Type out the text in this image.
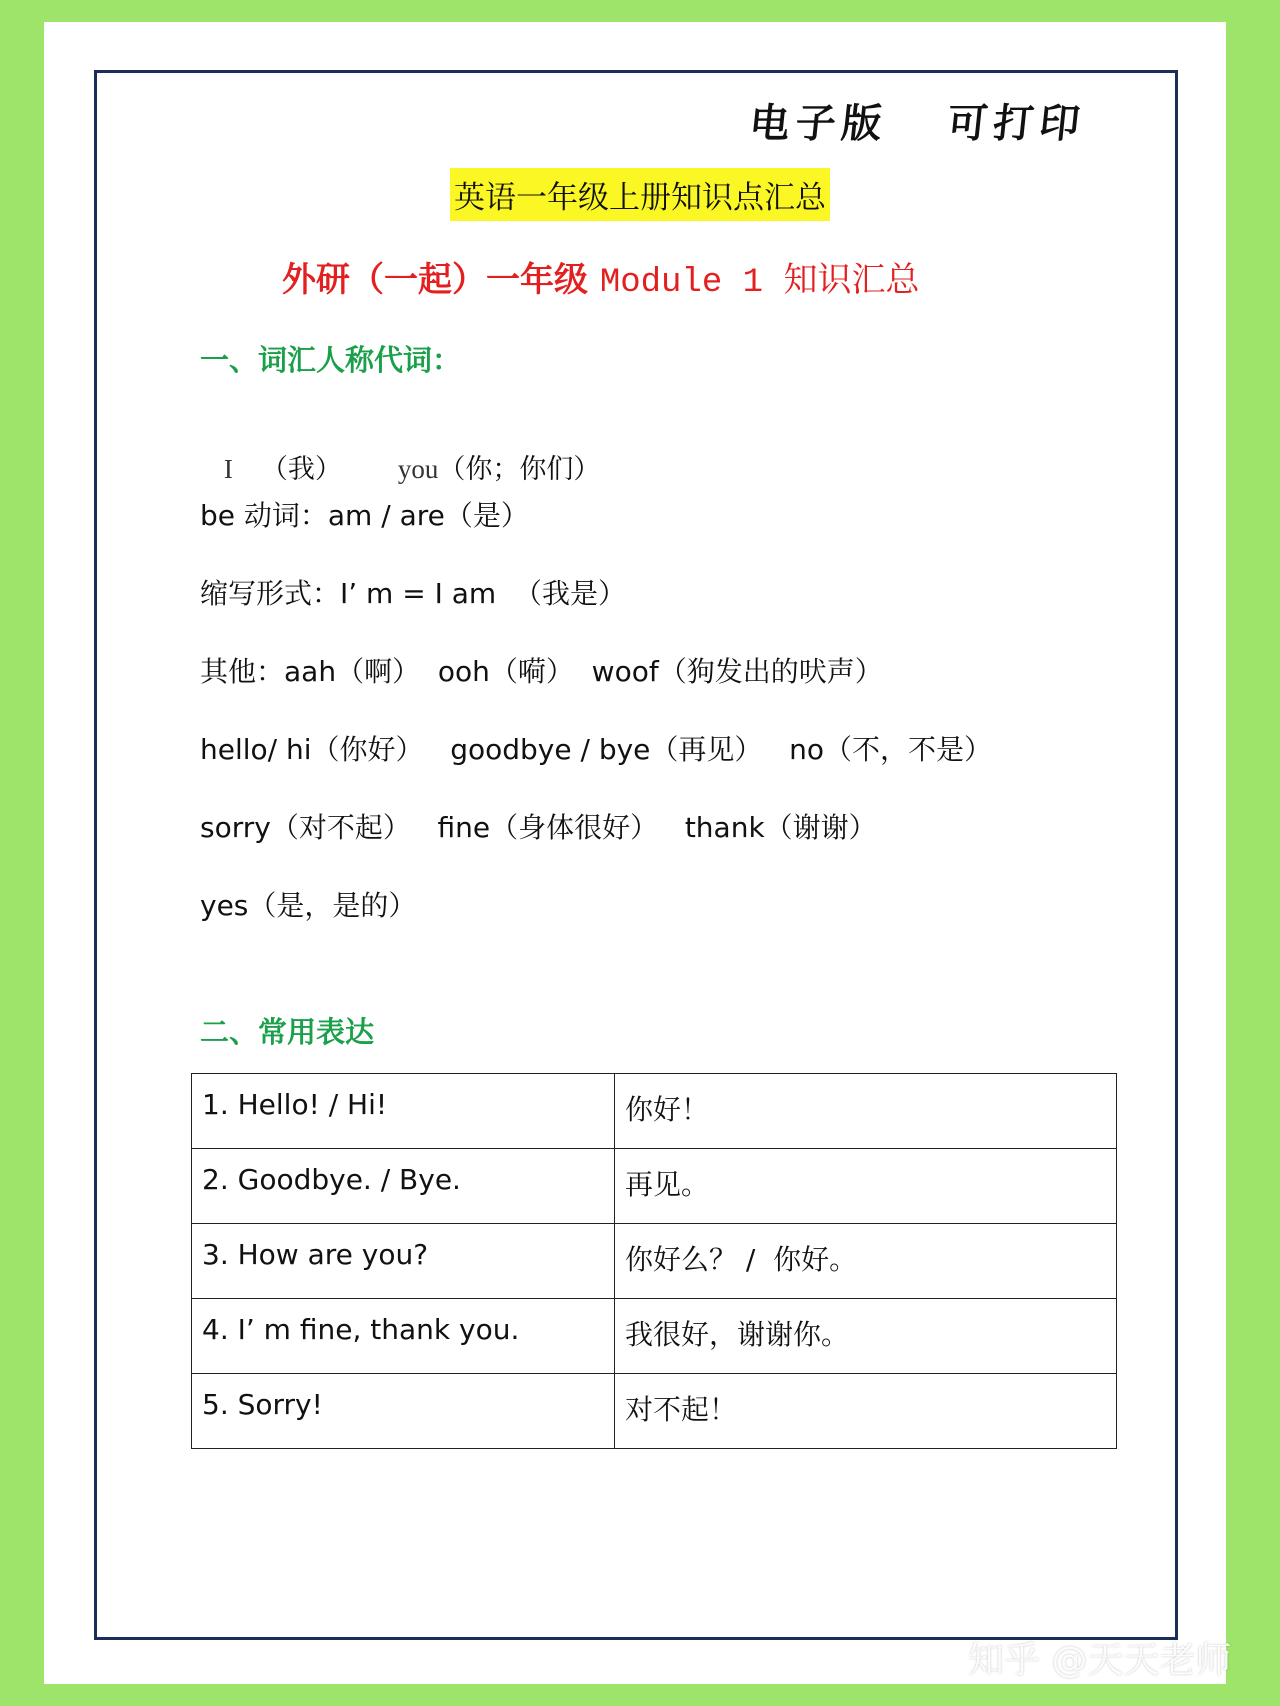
电子版   可打印
英语一年级上册知识点汇总
外研（一起）一年级 Module 1 知识汇总
一、词汇人称代词：

I （我） you（你；你们）

be 动词：am / are（是）
缩写形式：I’ m = I am  （我是）
其他：aah（啊）  ooh（嗬）  woof（狗发出的吠声）
hello/ hi（你好）   goodbye / bye（再见）   no（不，不是）
sorry（对不起）   fine（身体很好）   thank（谢谢）
yes（是，是的）
二、常用表达
1. Hello! / Hi!	你好！
2. Goodbye. / Bye.	再见。
3. How are you?	你好么？ /  你好。
4. I’ m fine, thank you.	我很好，谢谢你。
5. Sorry!	对不起！
知乎 @天天老师
